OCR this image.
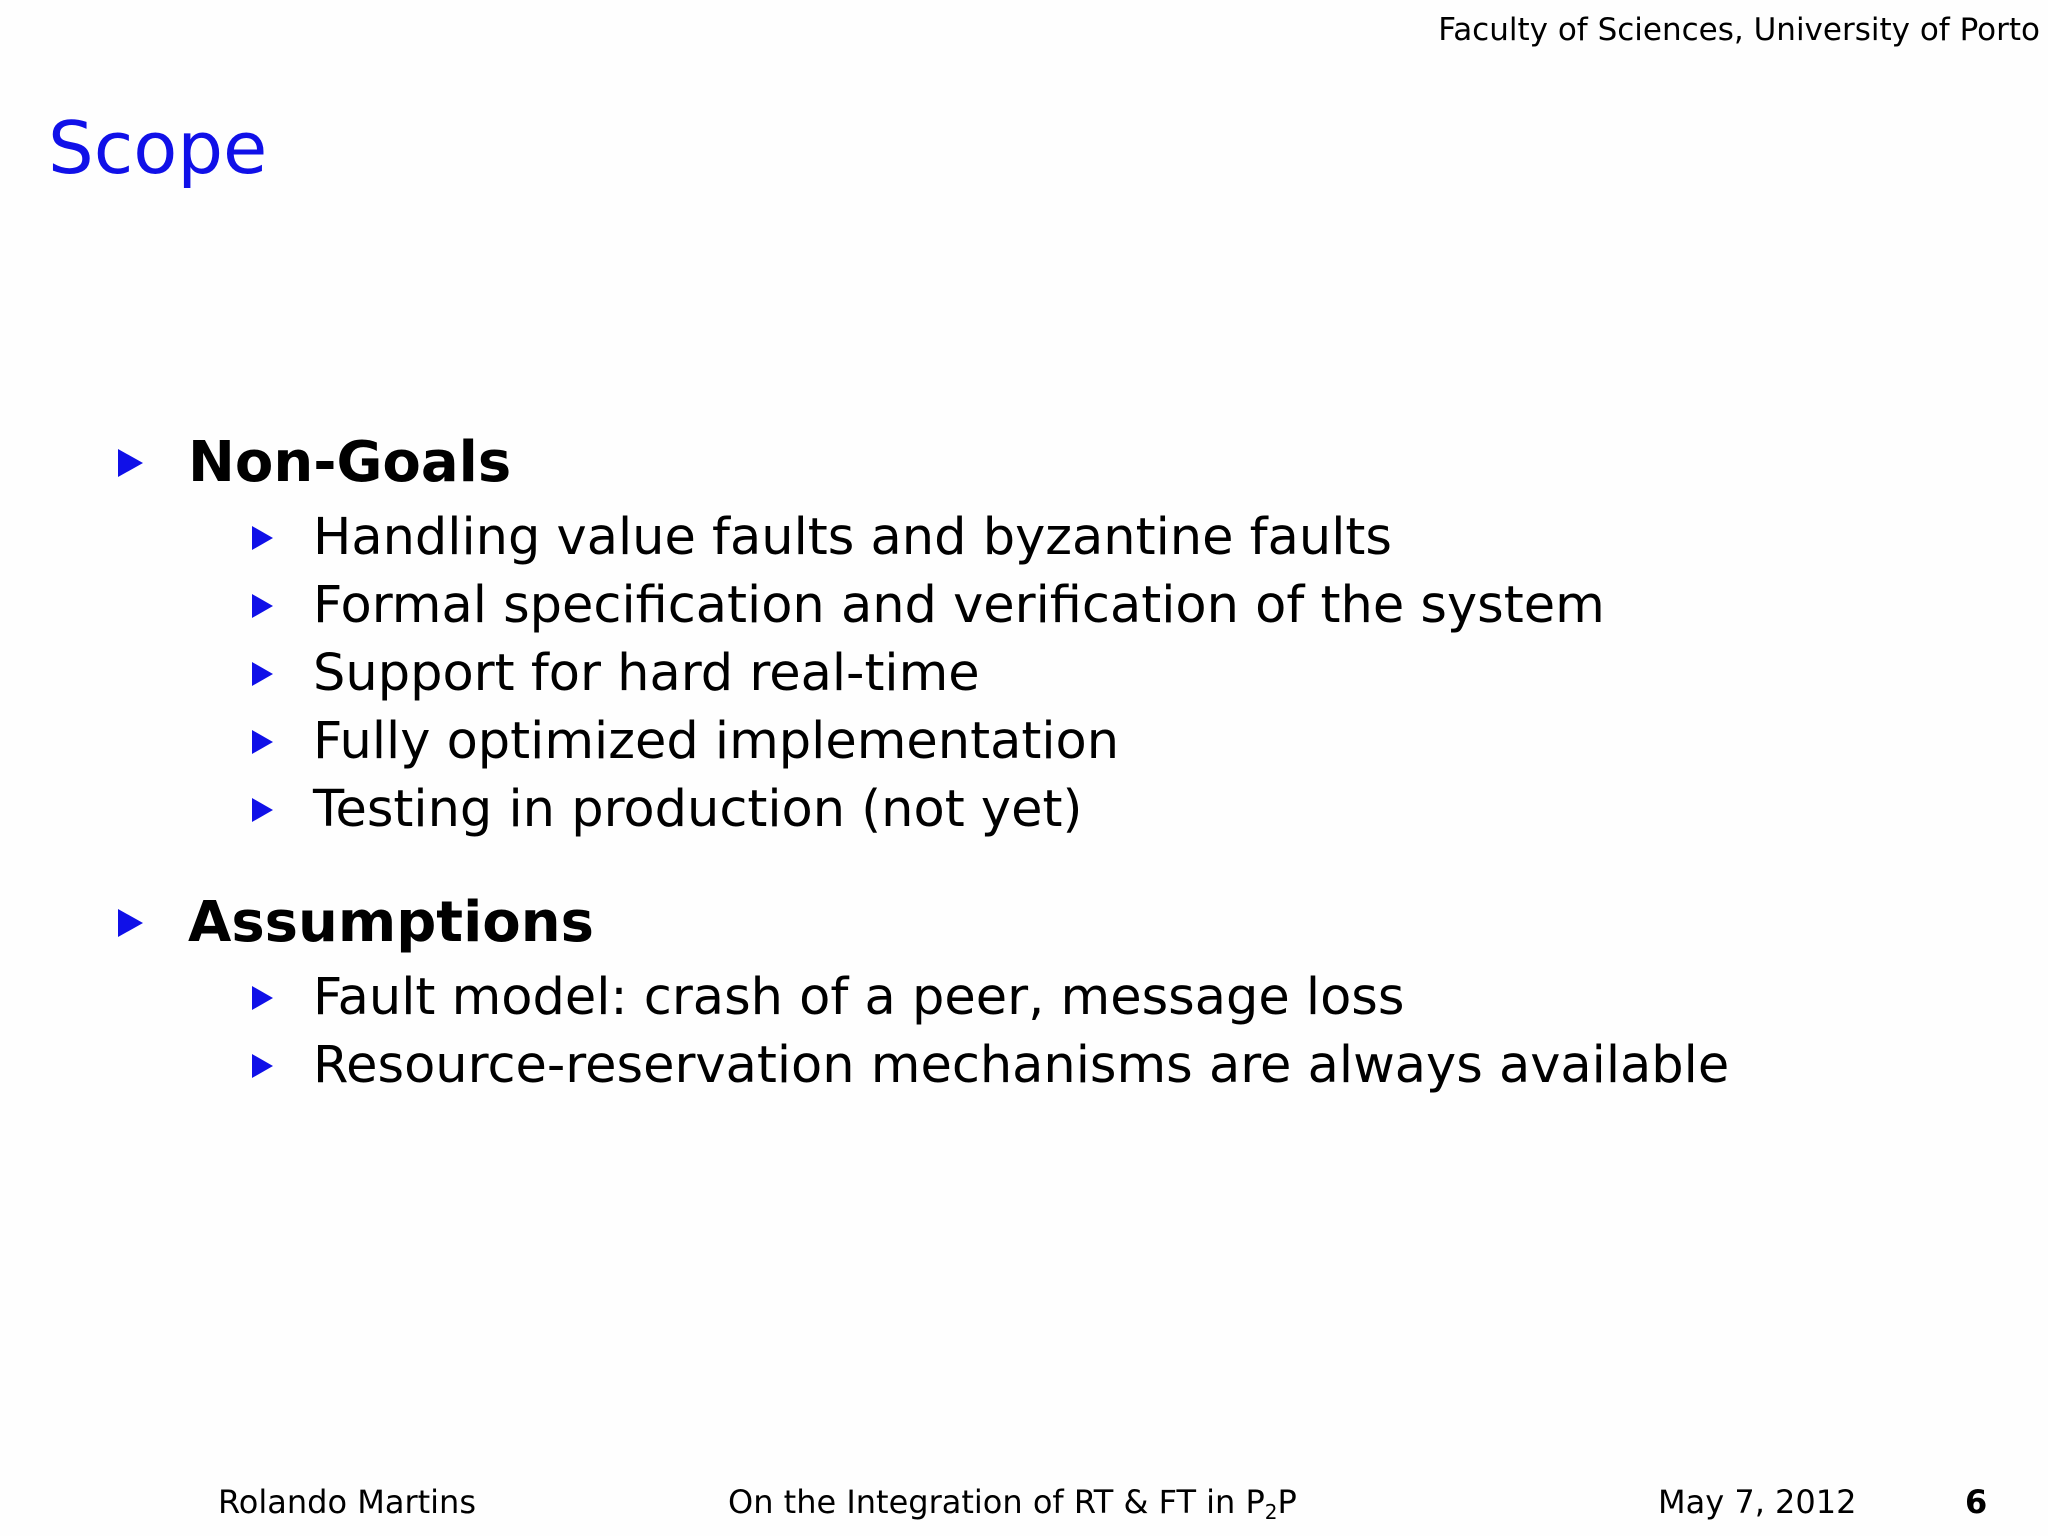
Faculty of Sciences, University of Porto
Scope
Non-Goals
Handling value faults and byzantine faults
Formal specification and verification of the system
Support for hard real-time
Fully optimized implementation
Testing in production (not yet)
Assumptions
Fault model: crash of a peer, message loss
Resource-reservation mechanisms are always available
Rolando Martins	On the Integration of RT & FT in $P_2P$	May 7, 2012	6
